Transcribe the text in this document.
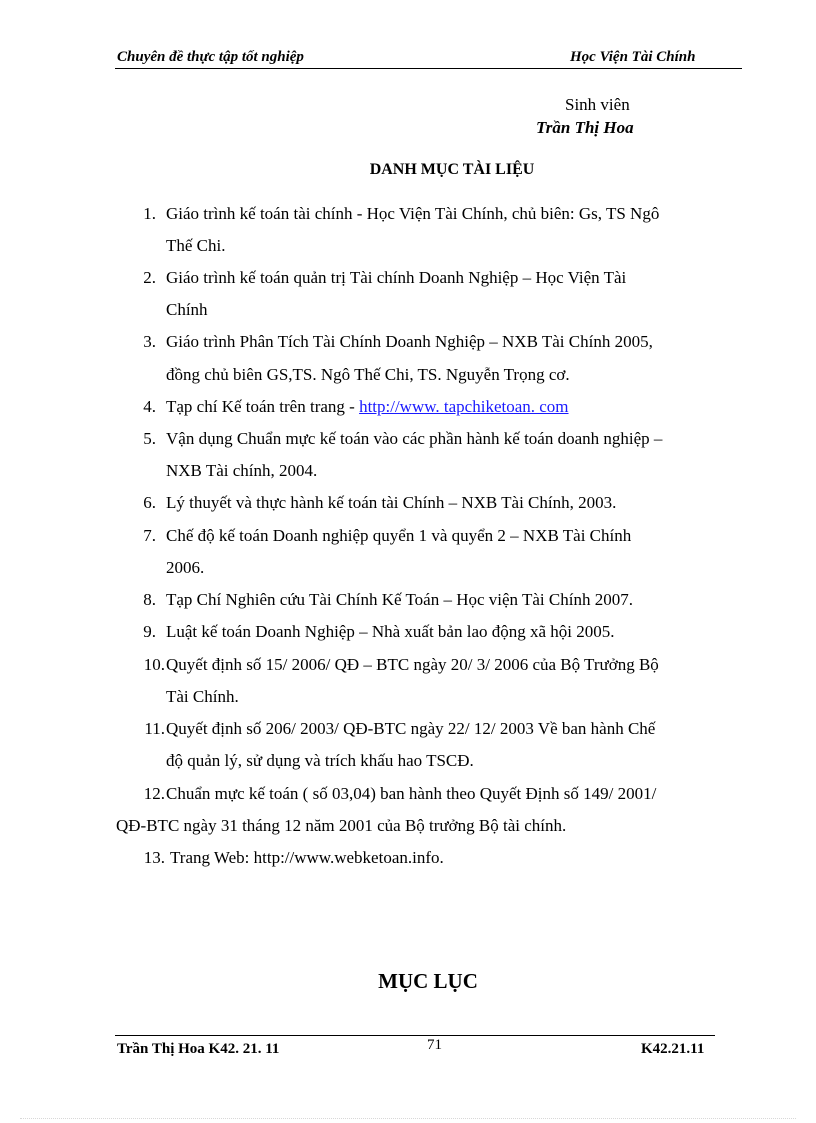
Chuyên đề thực tập tốt nghiệp	Học Viện Tài Chính
Sinh viên
Trần Thị Hoa
DANH MỤC TÀI LIỆU
1. Giáo trình kế toán tài chính - Học Viện Tài Chính, chủ biên: Gs, TS Ngô
Thế Chi.
2. Giáo trình kế toán quản trị Tài chính Doanh Nghiệp – Học Viện Tài
Chính
3. Giáo trình Phân Tích Tài Chính Doanh Nghiệp – NXB Tài Chính 2005,
đồng chủ biên GS,TS. Ngô Thế Chi, TS. Nguyễn Trọng cơ.
4. Tạp chí Kế toán trên trang - http://www. tapchiketoan. com
5. Vận dụng Chuẩn mực kế toán vào các phần hành kế toán doanh nghiệp –
NXB Tài chính, 2004.
6. Lý thuyết và thực hành kế toán tài Chính – NXB Tài Chính, 2003.
7. Chế độ kế toán Doanh nghiệp quyển 1 và quyển 2 – NXB Tài Chính
2006.
8. Tạp Chí Nghiên cứu Tài Chính Kế Toán – Học viện Tài Chính 2007.
9. Luật kế toán Doanh Nghiệp – Nhà xuất bản lao động xã hội 2005.
10. Quyết định số 15/ 2006/ QĐ – BTC ngày 20/ 3/ 2006 của Bộ Trưởng Bộ
Tài Chính.
11. Quyết định số 206/ 2003/ QĐ-BTC ngày 22/ 12/ 2003 Về ban hành Chế
độ quản lý, sử dụng và trích khấu hao TSCĐ.
12. Chuẩn mực kế toán ( số 03,04) ban hành theo Quyết Định số 149/ 2001/
QĐ-BTC ngày 31 tháng 12 năm 2001 của Bộ trưởng Bộ tài chính.
13. Trang Web: http://www.webketoan.info.
MỤC LỤC
Trần Thị Hoa K42. 21. 11	71	K42.21.11
